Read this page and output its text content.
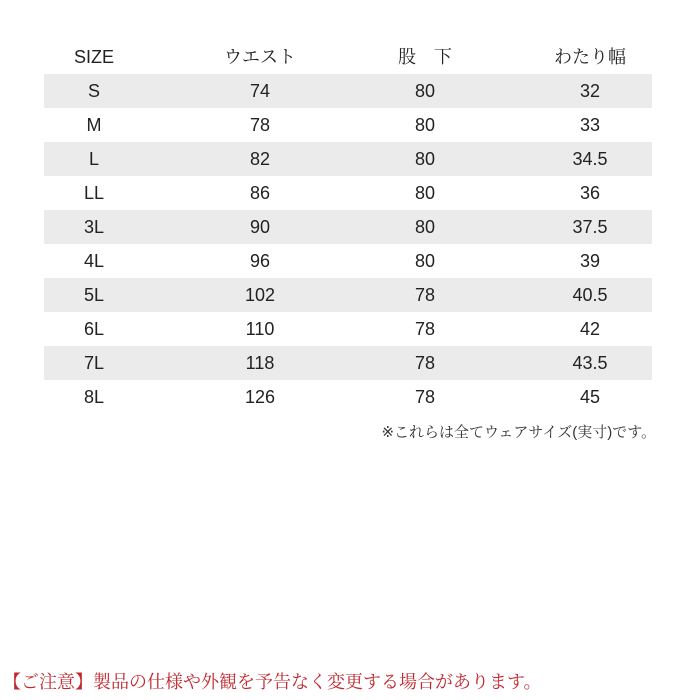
SIZE	ウエスト	股　下	わたり幅
S	74	80	32
M	78	80	33
L	82	80	34.5
LL	86	80	36
3L	90	80	37.5
4L	96	80	39
5L	102	78	40.5
6L	110	78	42
7L	118	78	43.5
8L	126	78	45
※これらは全てウェアサイズ(実寸)です。
【ご注意】製品の仕様や外観を予告なく変更する場合があります。
